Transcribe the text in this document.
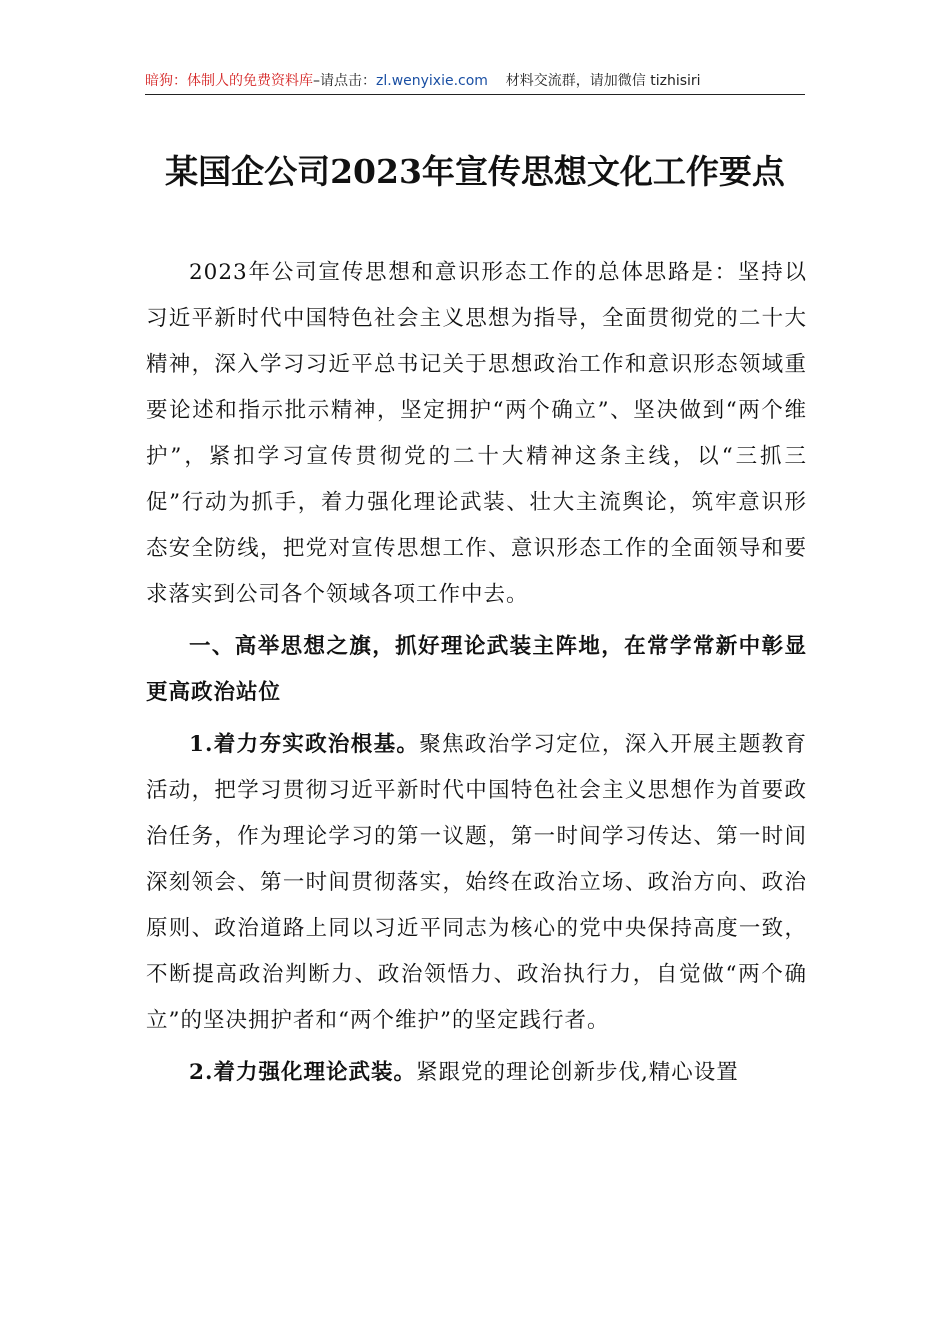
暗狗：体制人的免费资料库–请点击：zl.wenyixie.com 材料交流群，请加微信 tizhisiri
某国企公司2023年宣传思想文化工作要点

2023年公司宣传思想和意识形态工作的总体思路是：坚持以习近平新时代中国特色社会主义思想为指导，全面贯彻党的二十大精神，深入学习习近平总书记关于思想政治工作和意识形态领域重要论述和指示批示精神，坚定拥护“两个确立”、坚决做到“两个维护”，紧扣学习宣传贯彻党的二十大精神这条主线，以“三抓三促”行动为抓手，着力强化理论武装、壮大主流舆论，筑牢意识形态安全防线，把党对宣传思想工作、意识形态工作的全面领导和要求落实到公司各个领域各项工作中去。

一、高举思想之旗，抓好理论武装主阵地，在常学常新中彰显更高政治站位

1.着力夯实政治根基。聚焦政治学习定位，深入开展主题教育活动，把学习贯彻习近平新时代中国特色社会主义思想作为首要政治任务，作为理论学习的第一议题，第一时间学习传达、第一时间深刻领会、第一时间贯彻落实，始终在政治立场、政治方向、政治原则、政治道路上同以习近平同志为核心的党中央保持高度一致，不断提高政治判断力、政治领悟力、政治执行力，自觉做“两个确立”的坚决拥护者和“两个维护”的坚定践行者。

2.着力强化理论武装。紧跟党的理论创新步伐,精心设置
